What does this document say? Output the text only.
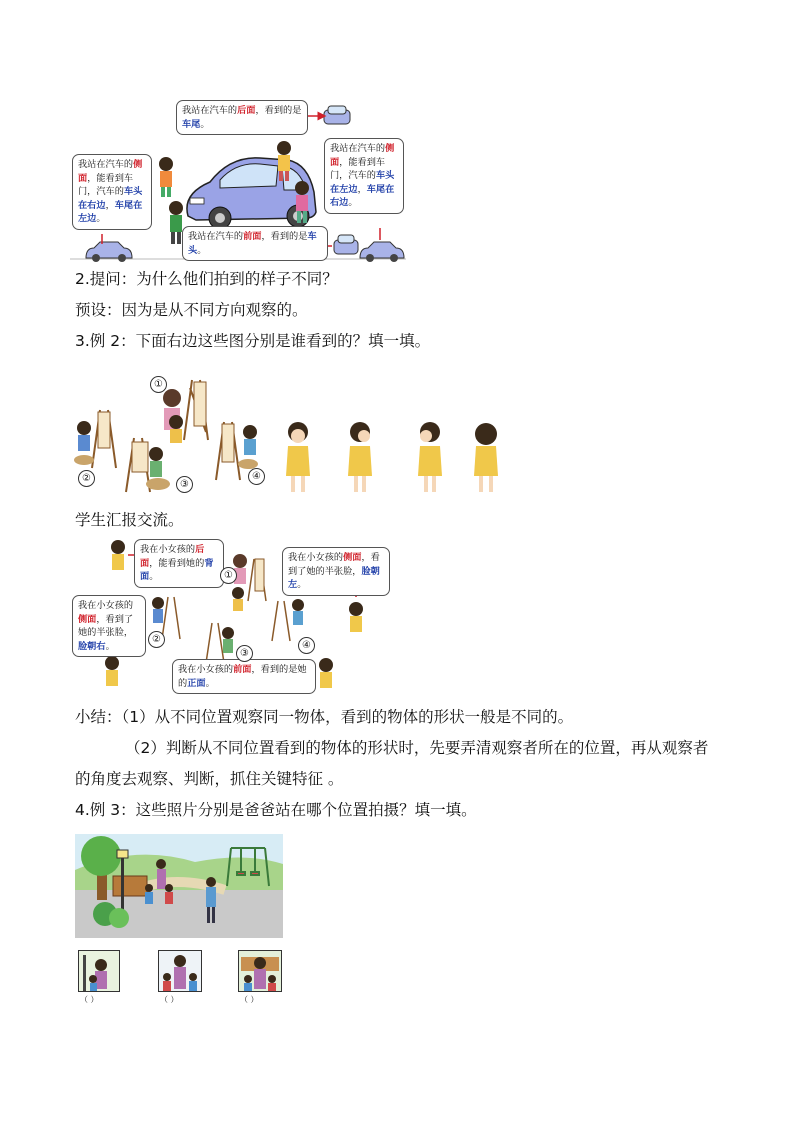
我站在汽车的后面，看到的是车尾。
我站在汽车的侧面，能看到车门，汽车的车头在右边，车尾在左边。
我站在汽车的侧面，能看到车门，汽车的车头在左边，车尾在右边。
我站在汽车的前面，看到的是车头。
2.提问：为什么他们拍到的样子不同？
预设：因为是从不同方向观察的。
3.例 2：下面右边这些图分别是谁看到的？填一填。
①
②
③
④
学生汇报交流。
我在小女孩的后面，能看到她的背面。
我在小女孩的侧面，看到了她的半张脸，脸朝左。
我在小女孩的侧面，看到了她的半张脸，脸朝右。
我在小女孩的前面，看到的是她的正面。
①
②
③
④
小结：（1）从不同位置观察同一物体，看到的物体的形状一般是不同的。
（2）判断从不同位置看到的物体的形状时，先要弄清观察者所在的位置，再从观察者
的角度去观察、判断，抓住关键特征 。
4.例 3：这些照片分别是爸爸站在哪个位置拍摄？填一填。
（ ）	（ ）	（ ）
